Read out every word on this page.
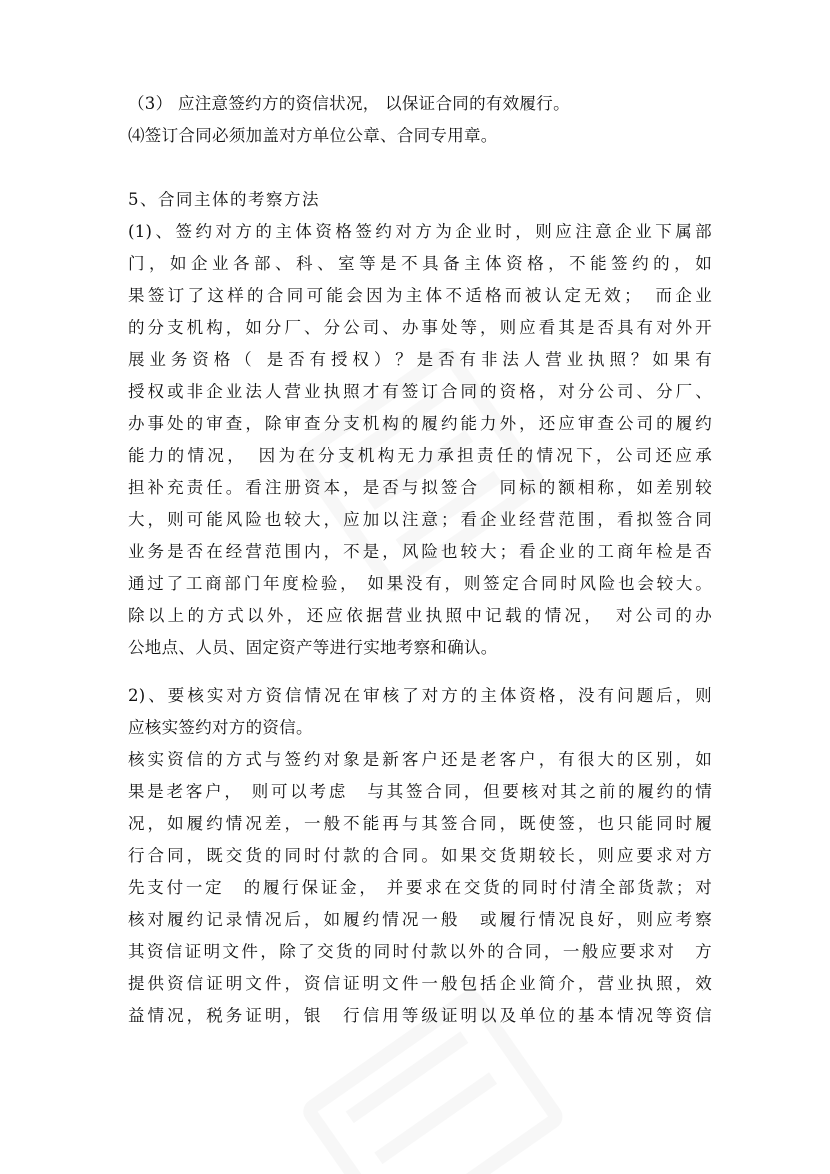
（3） 应注意签约方的资信状况， 以保证合同的有效履行。
⑷签订合同必须加盖对方单位公章、合同专用章。
5、合同主体的考察方法
(1)、签约对方的主体资格签约对方为企业时，则应注意企业下属部
门，如企业各部、科、室等是不具备主体资格，不能签约的，如
果签订了这样的合同可能会因为主体不适格而被认定无效；　而企业
的分支机构，如分厂、分公司、办事处等，则应看其是否具有对外开
展业务资格（ 是否有授权）？是否有非法人营业执照？如果有
授权或非企业法人营业执照才有签订合同的资格，对分公司、分厂、
办事处的审查，除审查分支机构的履约能力外，还应审查公司的履约
能力的情况，　因为在分支机构无力承担责任的情况下，公司还应承
担补充责任。看注册资本，是否与拟签合　同标的额相称，如差别较
大，则可能风险也较大，应加以注意；看企业经营范围，看拟签合同
业务是否在经营范围内，不是，风险也较大；看企业的工商年检是否
通过了工商部门年度检验， 如果没有，则签定合同时风险也会较大。
除以上的方式以外，还应依据营业执照中记载的情况，　对公司的办
公地点、人员、固定资产等进行实地考察和确认。
2)、要核实对方资信情况在审核了对方的主体资格，没有问题后，则
应核实签约对方的资信。
核实资信的方式与签约对象是新客户还是老客户，有很大的区别，如
果是老客户， 则可以考虑　与其签合同，但要核对其之前的履约的情
况，如履约情况差，一般不能再与其签合同，既使签，也只能同时履
行合同，既交货的同时付款的合同。如果交货期较长，则应要求对方
先支付一定　的履行保证金， 并要求在交货的同时付清全部货款；对
核对履约记录情况后，如履约情况一般　或履行情况良好，则应考察
其资信证明文件，除了交货的同时付款以外的合同，一般应要求对　方
提供资信证明文件，资信证明文件一般包括企业简介，营业执照，效
益情况，税务证明，银　行信用等级证明以及单位的基本情况等资信
